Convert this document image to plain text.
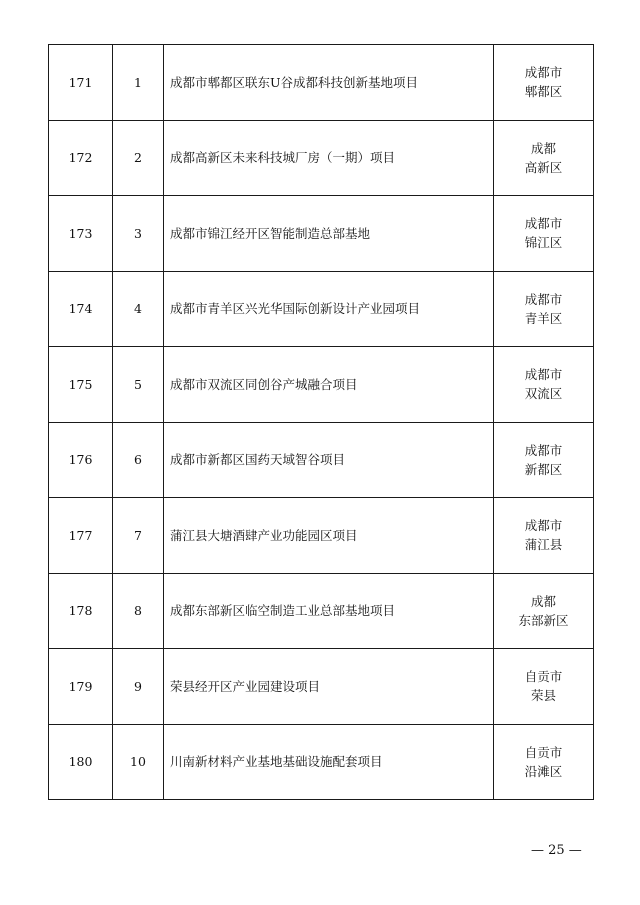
171	1	成都市郫都区联东U谷成都科技创新基地项目	成都市
郫都区

172	2	成都高新区未来科技城厂房（一期）项目	成都
高新区

173	3	成都市锦江经开区智能制造总部基地	成都市
锦江区

174	4	成都市青羊区兴光华国际创新设计产业园项目	成都市
青羊区

175	5	成都市双流区同创谷产城融合项目	成都市
双流区

176	6	成都市新都区国药天域智谷项目	成都市
新都区

177	7	蒲江县大塘酒肆产业功能园区项目	成都市
蒲江县

178	8	成都东部新区临空制造工业总部基地项目	成都
东部新区

179	9	荣县经开区产业园建设项目	自贡市
荣县

180	10	川南新材料产业基地基础设施配套项目	自贡市
沿滩区
— 25 —
